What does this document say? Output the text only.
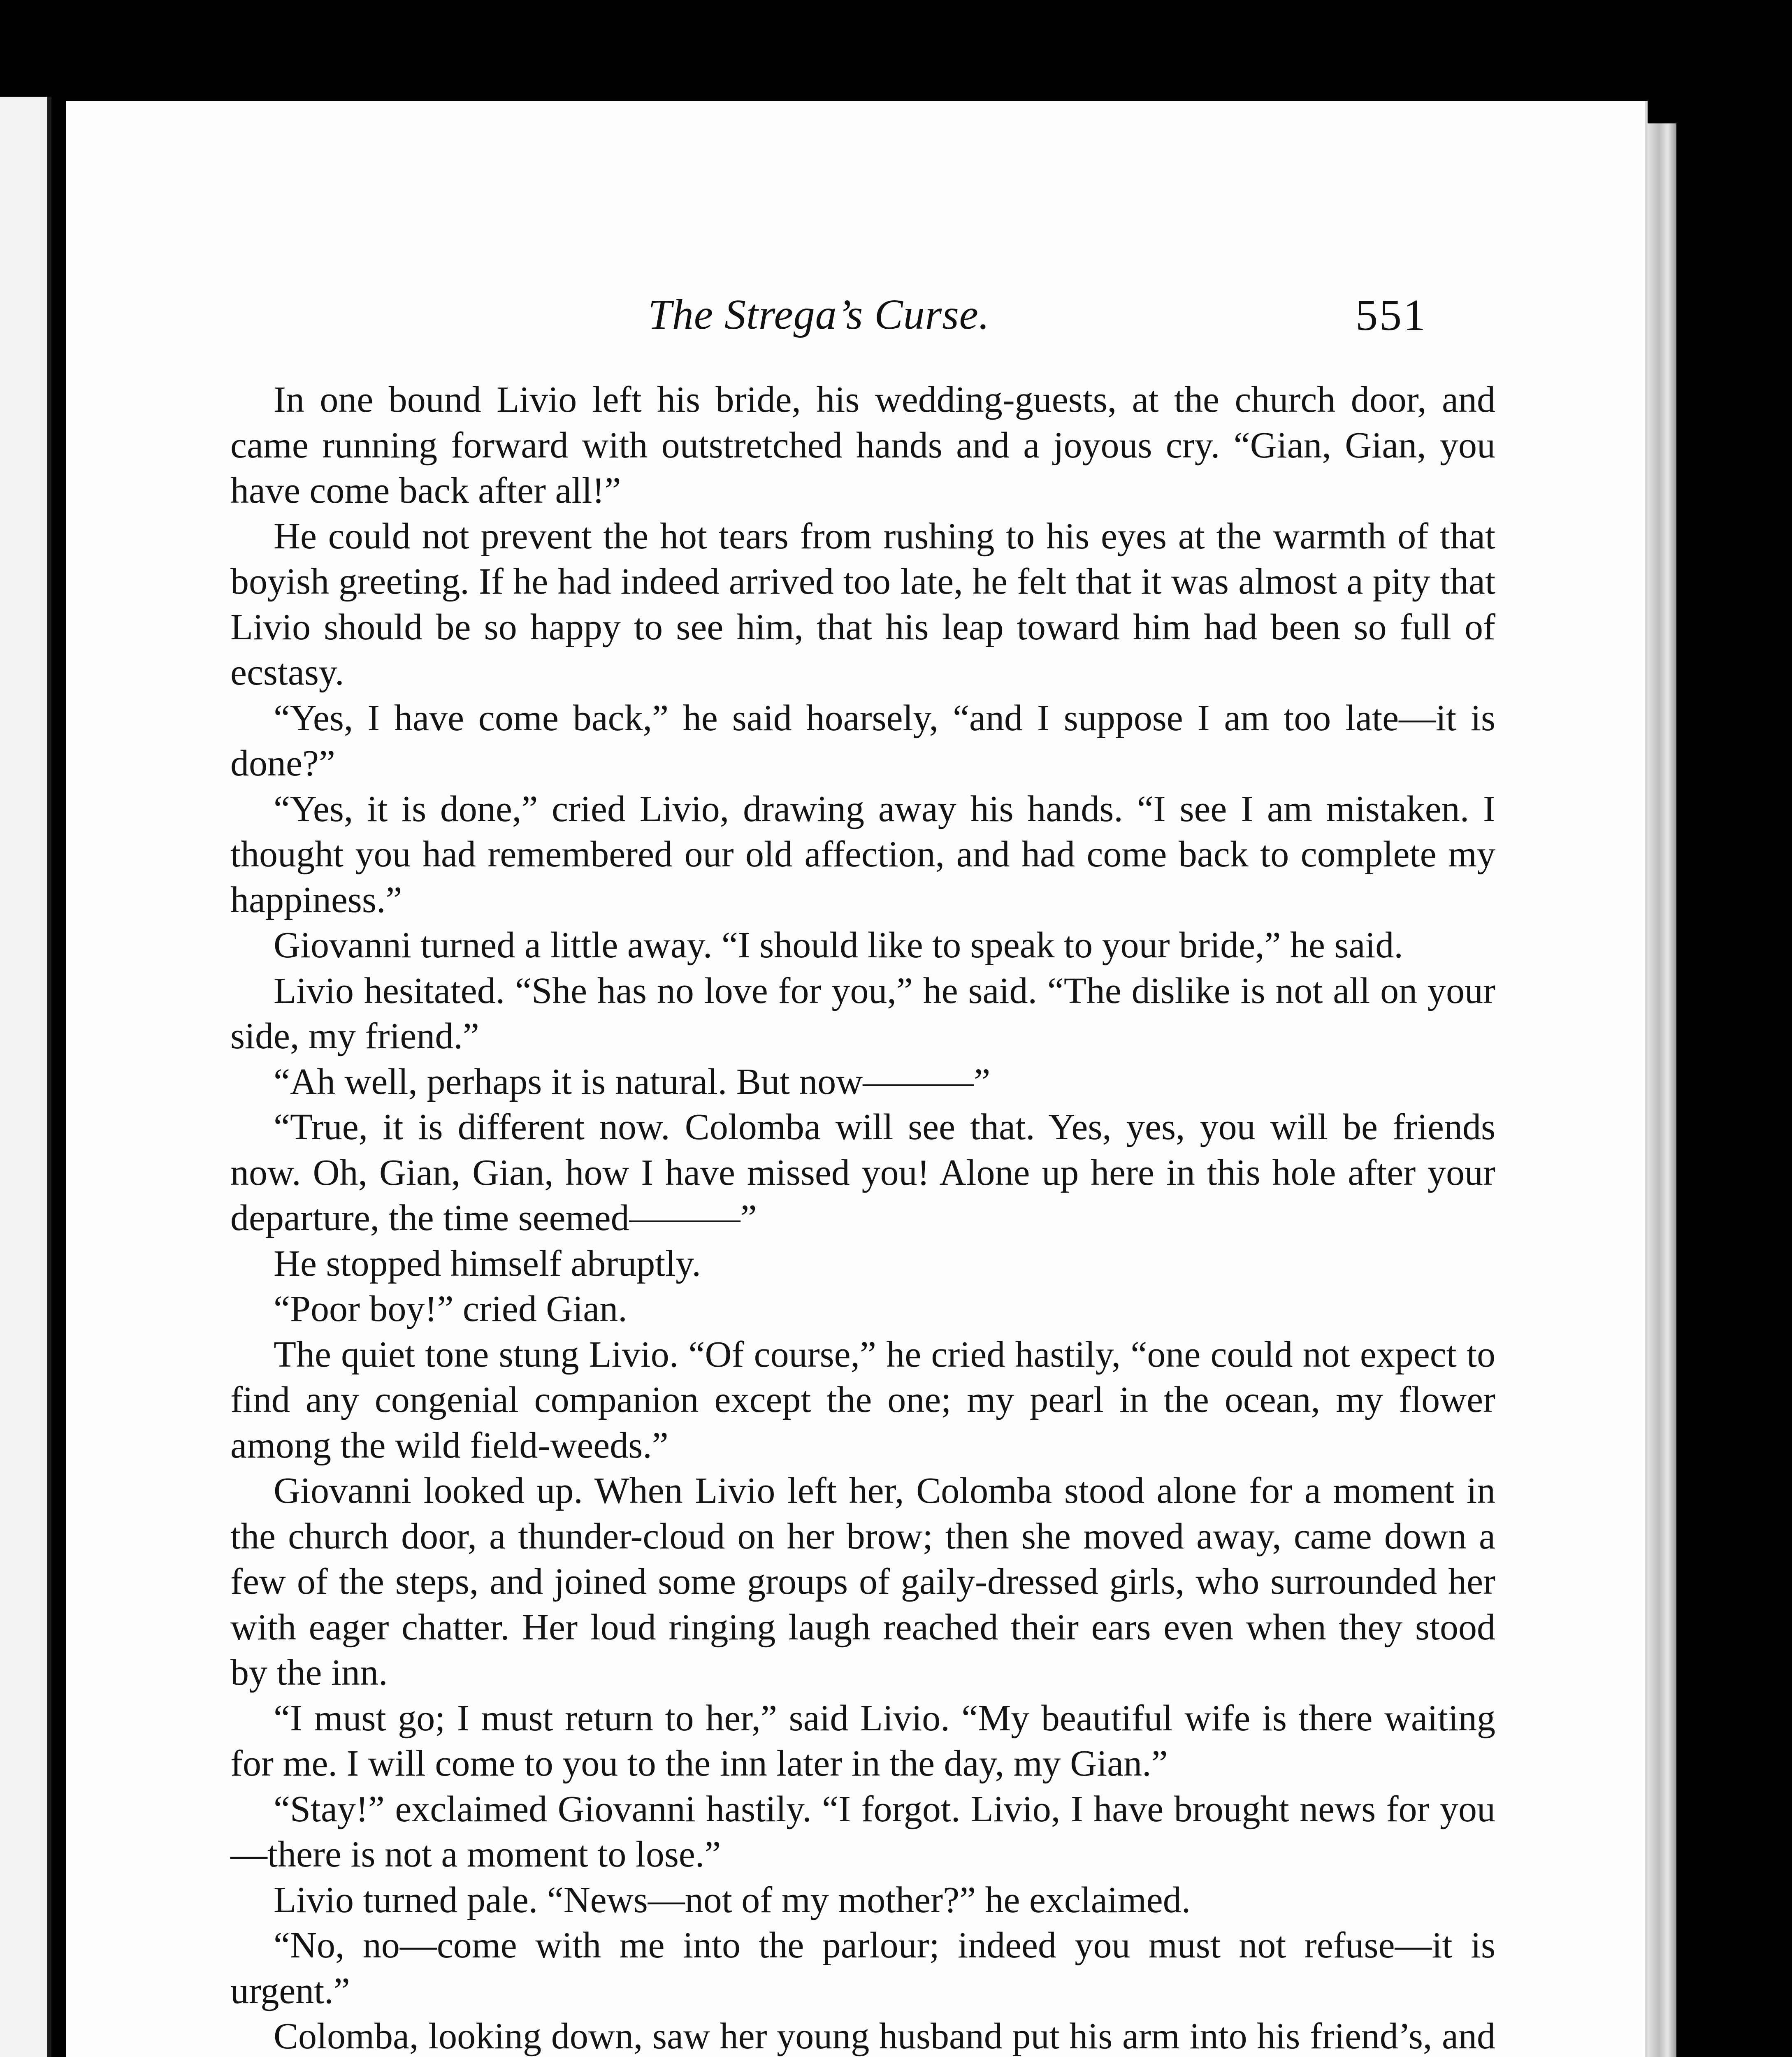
The Strega’s Curse.	551

In one bound Livio left his bride, his wedding-guests, at the church door, and came running forward with outstretched hands and a joyous cry. “Gian, Gian, you have come back after all!”

He could not prevent the hot tears from rushing to his eyes at the warmth of that boyish greeting. If he had indeed arrived too late, he felt that it was almost a pity that Livio should be so happy to see him, that his leap toward him had been so full of ecstasy.

“Yes, I have come back,” he said hoarsely, “and I suppose I am too late—it is done?”

“Yes, it is done,” cried Livio, drawing away his hands. “I see I am mistaken. I thought you had remembered our old affection, and had come back to complete my happiness.”

Giovanni turned a little away. “I should like to speak to your bride,” he said.

Livio hesitated. “She has no love for you,” he said. “The dislike is not all on your side, my friend.”

“Ah well, perhaps it is natural. But now———”

“True, it is different now. Colomba will see that. Yes, yes, you will be friends now. Oh, Gian, Gian, how I have missed you! Alone up here in this hole after your departure, the time seemed———”

He stopped himself abruptly.

“Poor boy!” cried Gian.

The quiet tone stung Livio. “Of course,” he cried hastily, “one could not expect to find any congenial companion except the one; my pearl in the ocean, my flower among the wild field-weeds.”

Giovanni looked up. When Livio left her, Colomba stood alone for a moment in the church door, a thunder-cloud on her brow; then she moved away, came down a few of the steps, and joined some groups of gaily-dressed girls, who surrounded her with eager chatter. Her loud ringing laugh reached their ears even when they stood by the inn.

“I must go; I must return to her,” said Livio. “My beautiful wife is there waiting for me. I will come to you to the inn later in the day, my Gian.”

“Stay!” exclaimed Giovanni hastily. “I forgot. Livio, I have brought news for you—there is not a moment to lose.”

Livio turned pale. “News—not of my mother?” he exclaimed.

“No, no—come with me into the parlour; indeed you must not refuse—it is urgent.”

Colomba, looking down, saw her young husband put his arm into his friend’s, and
